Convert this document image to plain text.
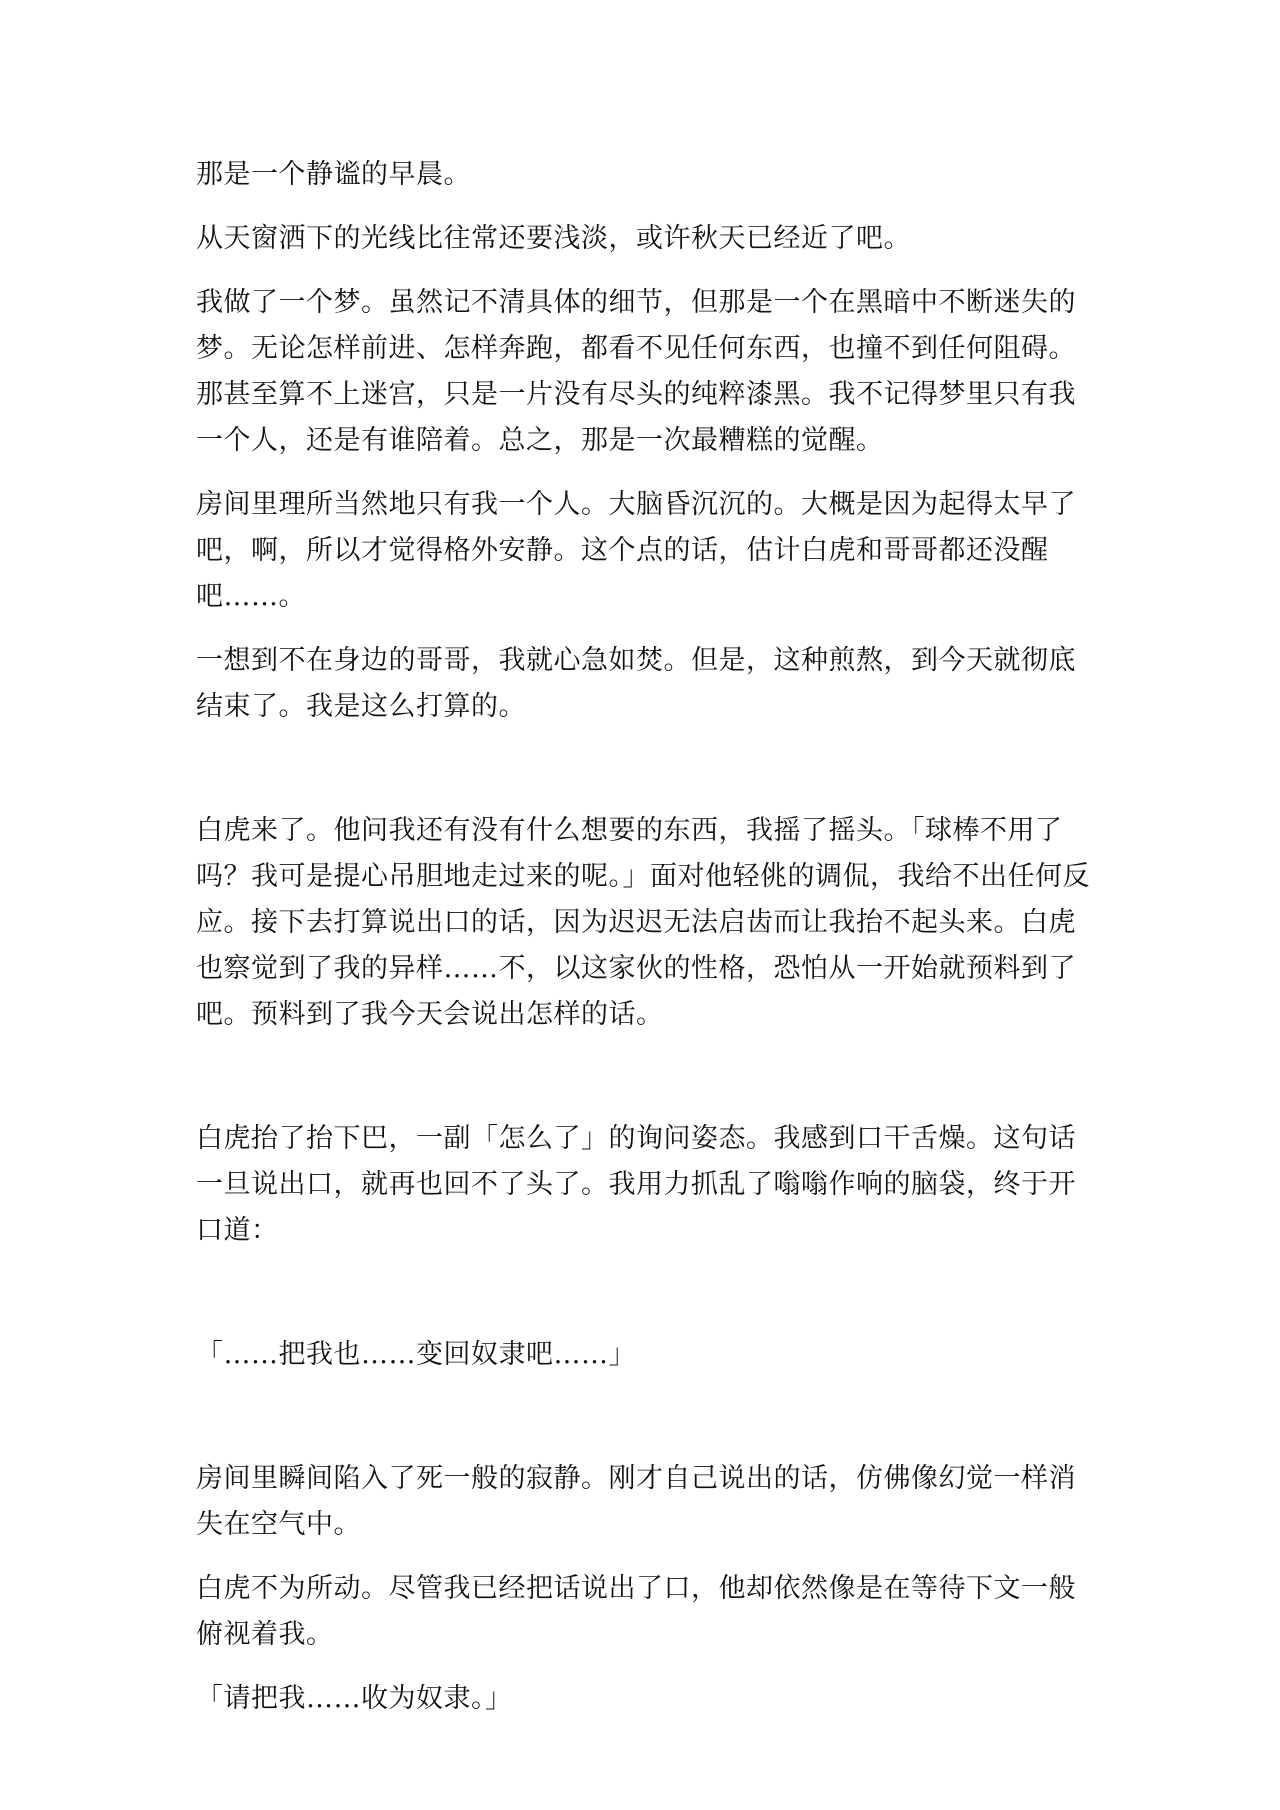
那是一个静谧的早晨。

从天窗洒下的光线比往常还要浅淡，或许秋天已经近了吧。

我做了一个梦。虽然记不清具体的细节，但那是一个在黑暗中不断迷失的梦。无论怎样前进、怎样奔跑，都看不见任何东西，也撞不到任何阻碍。那甚至算不上迷宫，只是一片没有尽头的纯粹漆黑。我不记得梦里只有我一个人，还是有谁陪着。总之，那是一次最糟糕的觉醒。

房间里理所当然地只有我一个人。大脑昏沉沉的。大概是因为起得太早了吧，啊，所以才觉得格外安静。这个点的话，估计白虎和哥哥都还没醒吧……。

一想到不在身边的哥哥，我就心急如焚。但是，这种煎熬，到今天就彻底结束了。我是这么打算的。

白虎来了。他问我还有没有什么想要的东西，我摇了摇头。「球棒不用了吗？我可是提心吊胆地走过来的呢。」面对他轻佻的调侃，我给不出任何反应。接下去打算说出口的话，因为迟迟无法启齿而让我抬不起头来。白虎也察觉到了我的异样……不，以这家伙的性格，恐怕从一开始就预料到了吧。预料到了我今天会说出怎样的话。

白虎抬了抬下巴，一副「怎么了」的询问姿态。我感到口干舌燥。这句话一旦说出口，就再也回不了头了。我用力抓乱了嗡嗡作响的脑袋，终于开口道：

「……把我也……变回奴隶吧……」

房间里瞬间陷入了死一般的寂静。刚才自己说出的话，仿佛像幻觉一样消失在空气中。

白虎不为所动。尽管我已经把话说出了口，他却依然像是在等待下文一般俯视着我。

「请把我……收为奴隶。」
